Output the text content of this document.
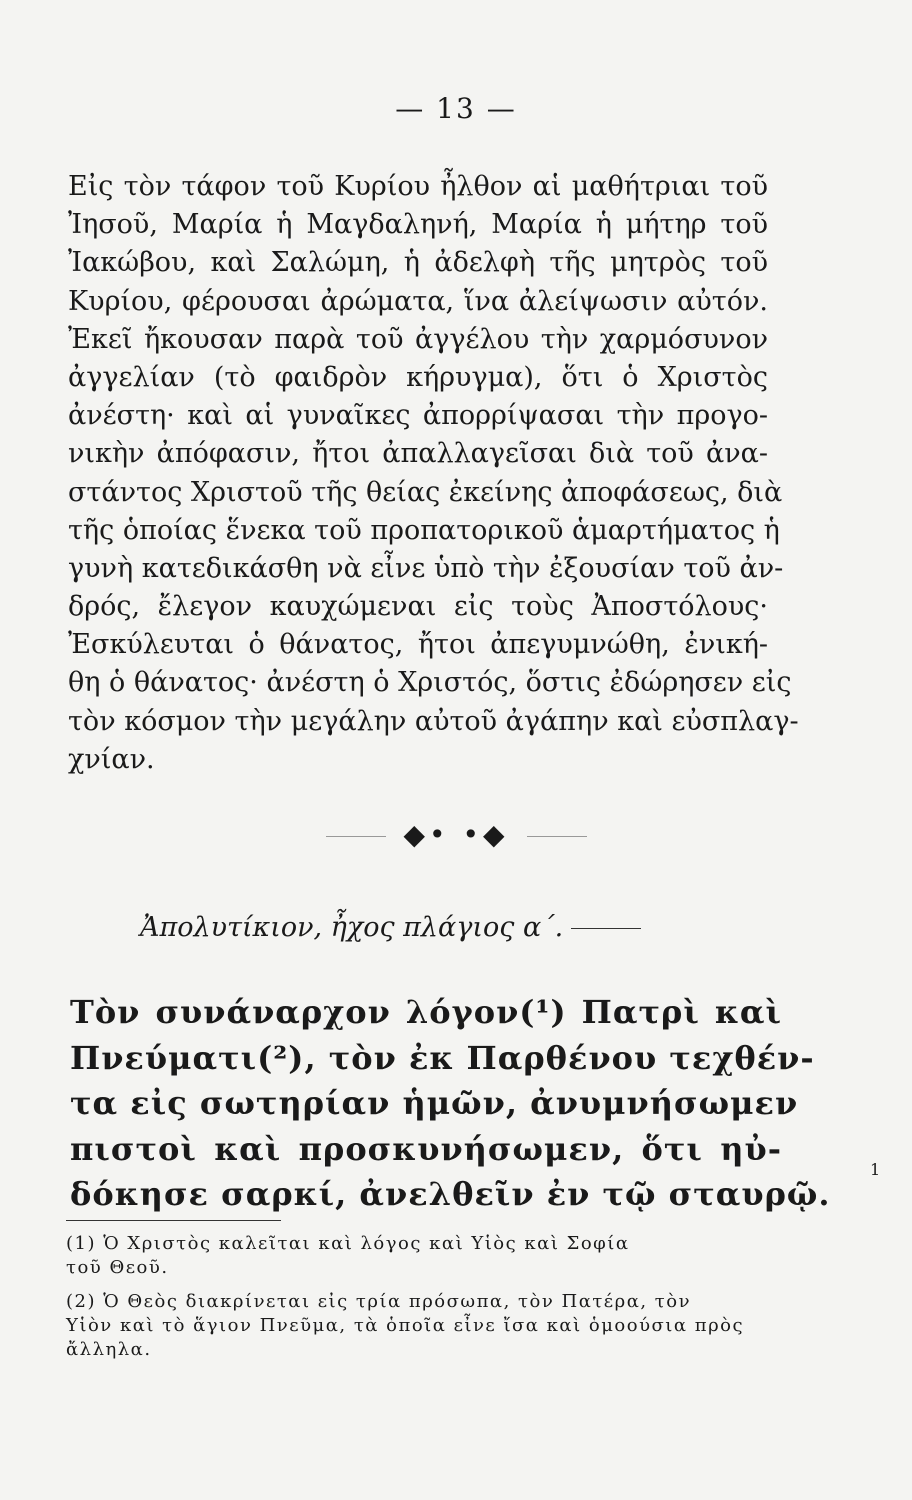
— 13 —
Εἰς τὸν τάφον τοῦ Κυρίου ἦλθον αἱ μαθήτριαι τοῦ
Ἰησοῦ, Μαρία ἡ Μαγδαληνή, Μαρία ἡ μήτηρ τοῦ
Ἰακώβου, καὶ Σαλώμη, ἡ ἀδελφὴ τῆς μητρὸς τοῦ
Κυρίου, φέρουσαι ἀρώματα, ἵνα ἀλείψωσιν αὐτόν.
Ἐκεῖ ἤκουσαν παρὰ τοῦ ἀγγέλου τὴν χαρμόσυνον
ἀγγελίαν (τὸ φαιδρὸν κήρυγμα), ὅτι ὁ Χριστὸς
ἀνέστη· καὶ αἱ γυναῖκες ἀπορρίψασαι τὴν προγο-
νικὴν ἀπόφασιν, ἤτοι ἀπαλλαγεῖσαι διὰ τοῦ ἀνα-
στάντος Χριστοῦ τῆς θείας ἐκείνης ἀποφάσεως, διὰ
τῆς ὁποίας ἕνεκα τοῦ προπατορικοῦ ἁμαρτήματος ἡ
γυνὴ κατεδικάσθη νὰ εἶνε ὑπὸ τὴν ἐξουσίαν τοῦ ἀν-
δρός, ἔλεγον καυχώμεναι εἰς τοὺς Ἀποστόλους·
Ἐσκύλευται ὁ θάνατος, ἤτοι ἀπεγυμνώθη, ἐνική-
θη ὁ θάνατος· ἀνέστη ὁ Χριστός, ὅστις ἐδώρησεν εἰς
τὸν κόσμον τὴν μεγάλην αὐτοῦ ἀγάπην καὶ εὐσπλαγ-
χνίαν.
◆• •◆
Ἀπολυτίκιον, ἦχος πλάγιος α΄.
Τὸν συνάναρχον λόγον(¹) Πατρὶ καὶ
Πνεύματι(²), τὸν ἐκ Παρθένου τεχθέν-
τα εἰς σωτηρίαν ἡμῶν, ἀνυμνήσωμεν
πιστοὶ καὶ προσκυνήσωμεν, ὅτι ηὐ-
δόκησε σαρκί, ἀνελθεῖν ἐν τῷ σταυρῷ.
(1) Ὁ Χριστὸς καλεῖται καὶ λόγος καὶ Υἱὸς καὶ Σοφία
τοῦ Θεοῦ.
(2) Ὁ Θεὸς διακρίνεται εἰς τρία πρόσωπα, τὸν Πατέρα, τὸν
Υἱὸν καὶ τὸ ἅγιον Πνεῦμα, τὰ ὁποῖα εἶνε ἴσα καὶ ὁμοούσια πρὸς
ἄλληλα.
1
